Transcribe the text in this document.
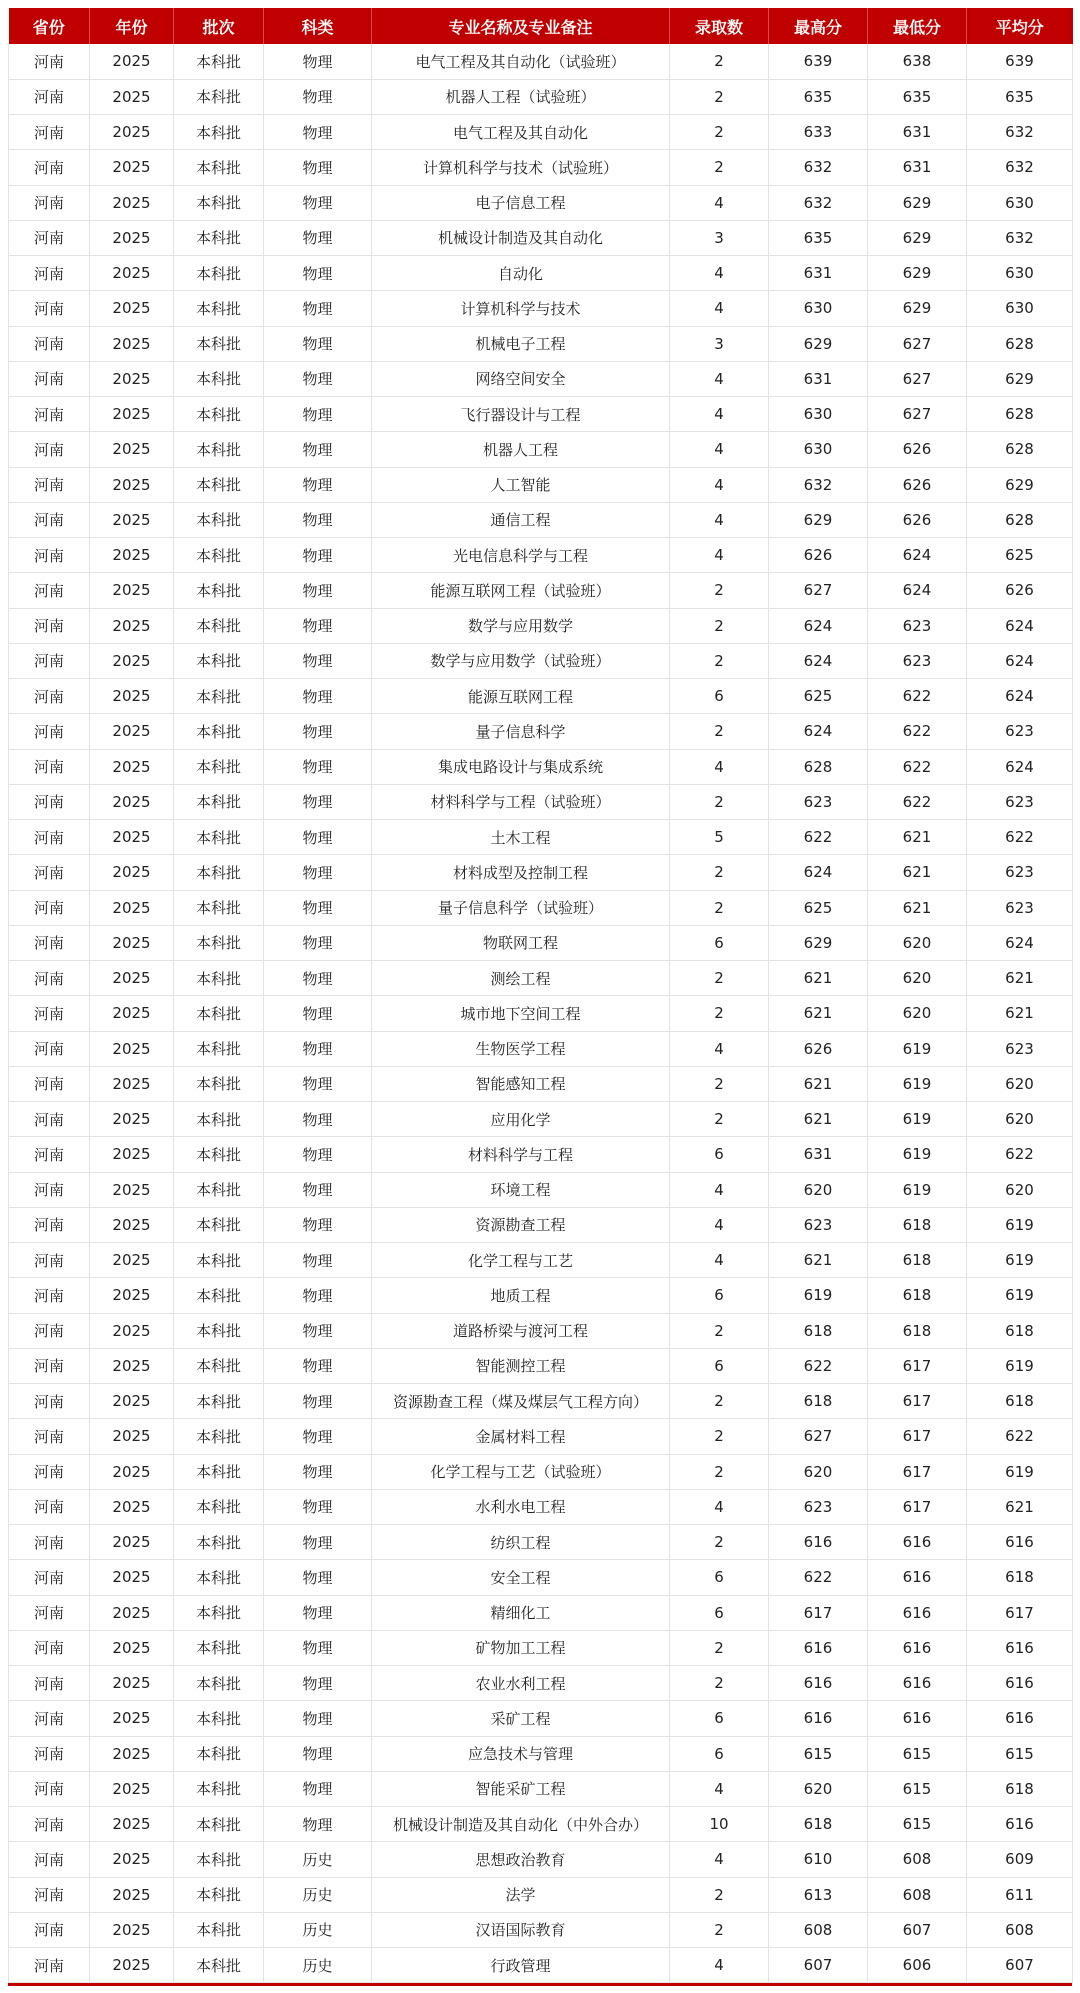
省份	年份	批次	科类	专业名称及专业备注	录取数	最高分	最低分	平均分
河南	2025	本科批	物理	电气工程及其自动化（试验班）	2	639	638	639
河南	2025	本科批	物理	机器人工程（试验班）	2	635	635	635
河南	2025	本科批	物理	电气工程及其自动化	2	633	631	632
河南	2025	本科批	物理	计算机科学与技术（试验班）	2	632	631	632
河南	2025	本科批	物理	电子信息工程	4	632	629	630
河南	2025	本科批	物理	机械设计制造及其自动化	3	635	629	632
河南	2025	本科批	物理	自动化	4	631	629	630
河南	2025	本科批	物理	计算机科学与技术	4	630	629	630
河南	2025	本科批	物理	机械电子工程	3	629	627	628
河南	2025	本科批	物理	网络空间安全	4	631	627	629
河南	2025	本科批	物理	飞行器设计与工程	4	630	627	628
河南	2025	本科批	物理	机器人工程	4	630	626	628
河南	2025	本科批	物理	人工智能	4	632	626	629
河南	2025	本科批	物理	通信工程	4	629	626	628
河南	2025	本科批	物理	光电信息科学与工程	4	626	624	625
河南	2025	本科批	物理	能源互联网工程（试验班）	2	627	624	626
河南	2025	本科批	物理	数学与应用数学	2	624	623	624
河南	2025	本科批	物理	数学与应用数学（试验班）	2	624	623	624
河南	2025	本科批	物理	能源互联网工程	6	625	622	624
河南	2025	本科批	物理	量子信息科学	2	624	622	623
河南	2025	本科批	物理	集成电路设计与集成系统	4	628	622	624
河南	2025	本科批	物理	材料科学与工程（试验班）	2	623	622	623
河南	2025	本科批	物理	土木工程	5	622	621	622
河南	2025	本科批	物理	材料成型及控制工程	2	624	621	623
河南	2025	本科批	物理	量子信息科学（试验班）	2	625	621	623
河南	2025	本科批	物理	物联网工程	6	629	620	624
河南	2025	本科批	物理	测绘工程	2	621	620	621
河南	2025	本科批	物理	城市地下空间工程	2	621	620	621
河南	2025	本科批	物理	生物医学工程	4	626	619	623
河南	2025	本科批	物理	智能感知工程	2	621	619	620
河南	2025	本科批	物理	应用化学	2	621	619	620
河南	2025	本科批	物理	材料科学与工程	6	631	619	622
河南	2025	本科批	物理	环境工程	4	620	619	620
河南	2025	本科批	物理	资源勘查工程	4	623	618	619
河南	2025	本科批	物理	化学工程与工艺	4	621	618	619
河南	2025	本科批	物理	地质工程	6	619	618	619
河南	2025	本科批	物理	道路桥梁与渡河工程	2	618	618	618
河南	2025	本科批	物理	智能测控工程	6	622	617	619
河南	2025	本科批	物理	资源勘查工程（煤及煤层气工程方向）	2	618	617	618
河南	2025	本科批	物理	金属材料工程	2	627	617	622
河南	2025	本科批	物理	化学工程与工艺（试验班）	2	620	617	619
河南	2025	本科批	物理	水利水电工程	4	623	617	621
河南	2025	本科批	物理	纺织工程	2	616	616	616
河南	2025	本科批	物理	安全工程	6	622	616	618
河南	2025	本科批	物理	精细化工	6	617	616	617
河南	2025	本科批	物理	矿物加工工程	2	616	616	616
河南	2025	本科批	物理	农业水利工程	2	616	616	616
河南	2025	本科批	物理	采矿工程	6	616	616	616
河南	2025	本科批	物理	应急技术与管理	6	615	615	615
河南	2025	本科批	物理	智能采矿工程	4	620	615	618
河南	2025	本科批	物理	机械设计制造及其自动化（中外合办）	10	618	615	616
河南	2025	本科批	历史	思想政治教育	4	610	608	609
河南	2025	本科批	历史	法学	2	613	608	611
河南	2025	本科批	历史	汉语国际教育	2	608	607	608
河南	2025	本科批	历史	行政管理	4	607	606	607
